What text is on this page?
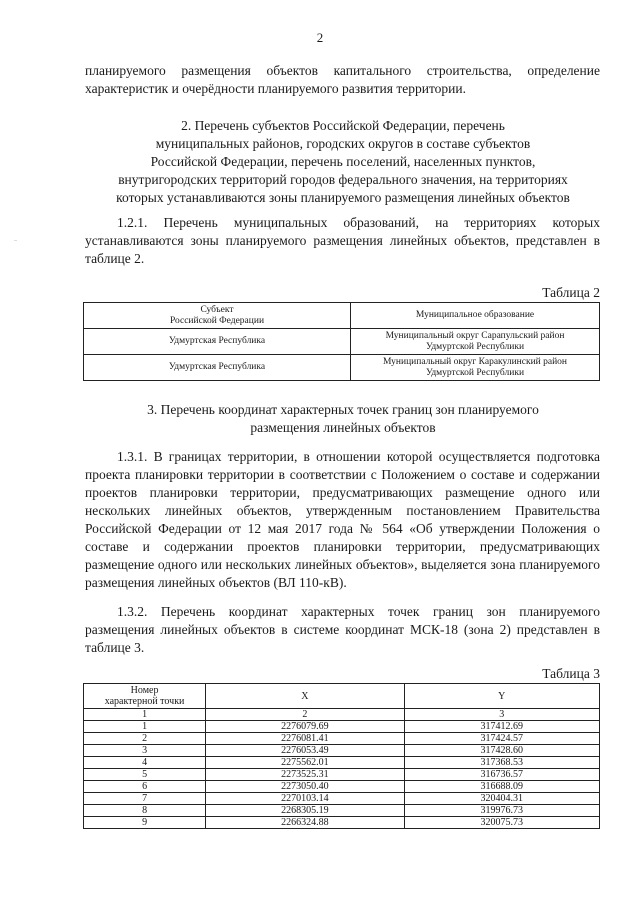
2
планируемого размещения объектов капитального строительства, определение характеристик и очерёдности планируемого развития территории.
2. Перечень субъектов Российской Федерации, перечень
муниципальных районов, городских округов в составе субъектов
Российской Федерации, перечень поселений, населенных пунктов,
внутригородских территорий городов федерального значения, на территориях
которых устанавливаются зоны планируемого размещения линейных объектов
1.2.1. Перечень муниципальных образований, на территориях которых устанавливаются зоны планируемого размещения линейных объектов, представлен в таблице 2.
Таблица 2
Субъект
Российской Федерации	Муниципальное образование
Удмуртская Республика	Муниципальный округ Сарапульский район
Удмуртской Республики

Удмуртская Республика	Муниципальный округ Каракулинский район
Удмуртской Республики
3. Перечень координат характерных точек границ зон планируемого
размещения линейных объектов
1.3.1. В границах территории, в отношении которой осуществляется подготовка проекта планировки территории в соответствии с Положением о составе и содержании проектов планировки территории, предусматривающих размещение одного или нескольких линейных объектов, утвержденным постановлением Правительства Российской Федерации от 12 мая 2017 года № 564 «Об утверждении Положения о составе и содержании проектов планировки территории, предусматривающих размещение одного или нескольких линейных объектов», выделяется зона планируемого размещения линейных объектов (ВЛ 110-кВ).
1.3.2. Перечень координат характерных точек границ зон планируемого размещения линейных объектов в системе координат МСК-18 (зона 2) представлен в таблице 3.
Таблица 3
Номер
характерной точки	X	Y
1	2	3
1	2276079.69	317412.69
2	2276081.41	317424.57
3	2276053.49	317428.60
4	2275562.01	317368.53
5	2273525.31	316736.57
6	2273050.40	316688.09
7	2270103.14	320404.31
8	2268305.19	319976.73
9	2266324.88	320075.73
